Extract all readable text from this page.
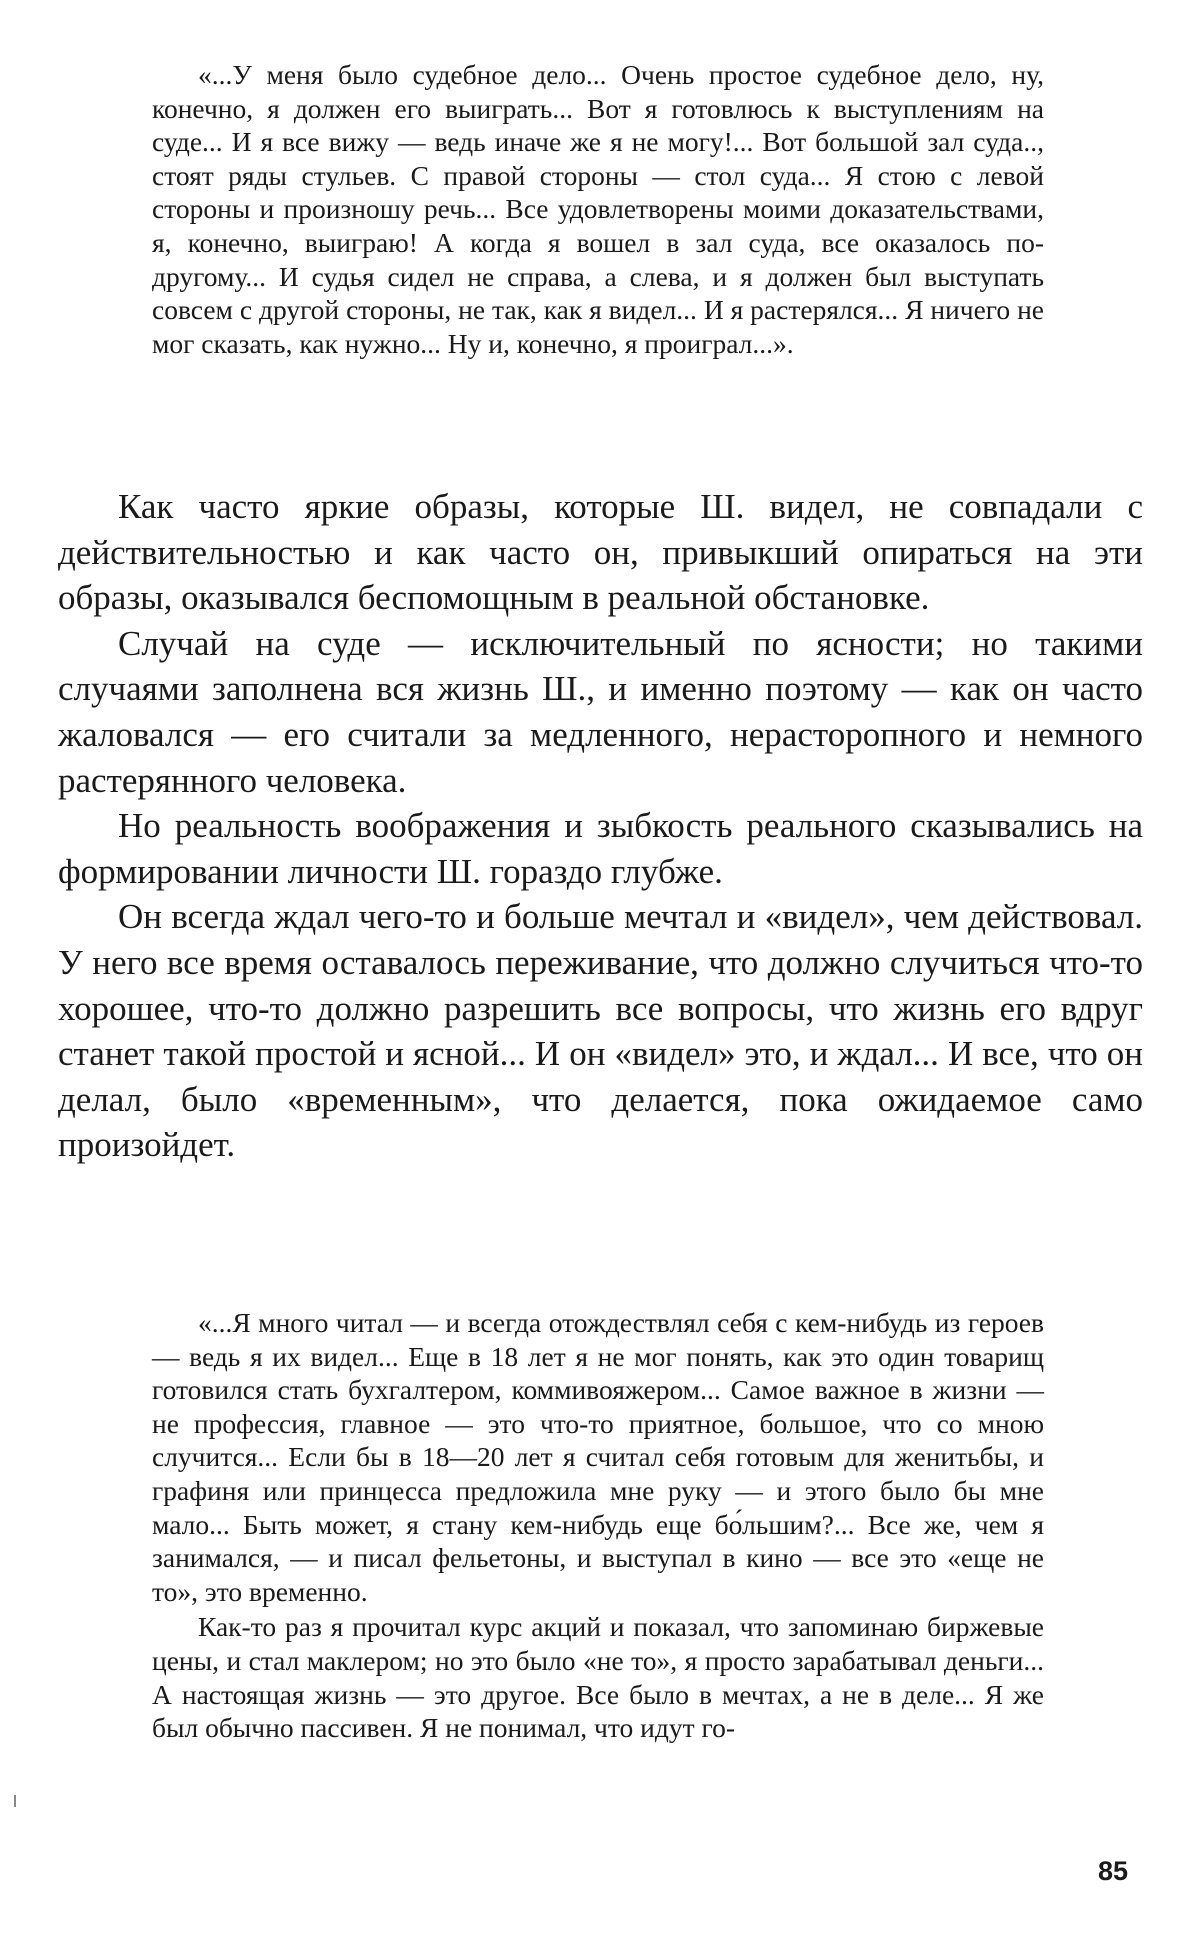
«...У меня было судебное дело... Очень простое судебное дело, ну, конечно, я должен его выиграть... Вот я готовлюсь к выступлениям на суде... И я все вижу — ведь иначе же я не могу!... Вот большой зал суда.., стоят ряды стульев. С правой стороны — стол суда... Я стою с левой стороны и произношу речь... Все удовлетворены моими доказательствами, я, конечно, выиграю! А когда я вошел в зал суда, все оказалось по-другому... И судья сидел не справа, а слева, и я должен был выступать совсем с другой стороны, не так, как я видел... И я растерялся... Я ничего не мог сказать, как нужно... Ну и, конечно, я проиграл...».

Как часто яркие образы, которые Ш. видел, не совпадали с действительностью и как часто он, привыкший опираться на эти образы, оказывался беспомощным в реальной обстановке.

Случай на суде — исключительный по ясности; но такими случаями заполнена вся жизнь Ш., и именно поэтому — как он часто жаловался — его считали за медленного, нерасторопного и немного растерянного человека.

Но реальность воображения и зыбкость реального сказывались на формировании личности Ш. гораздо глубже.

Он всегда ждал чего-то и больше мечтал и «видел», чем действовал. У него все время оставалось переживание, что должно случиться что-то хорошее, что-то должно разрешить все вопросы, что жизнь его вдруг станет такой простой и ясной... И он «видел» это, и ждал... И все, что он делал, было «временным», что делается, пока ожидаемое само произойдет.

«...Я много читал — и всегда отождествлял себя с кем-нибудь из героев — ведь я их видел... Еще в 18 лет я не мог понять, как это один товарищ готовился стать бухгалтером, коммивояжером... Самое важное в жизни — не профессия, главное — это что-то приятное, большое, что со мною случится... Если бы в 18—20 лет я считал себя готовым для женитьбы, и графиня или принцесса предложила мне руку — и этого было бы мне мало... Быть может, я стану кем-нибудь еще бо́льшим?... Все же, чем я занимался, — и писал фельетоны, и выступал в кино — все это «еще не то», это временно.

Как-то раз я прочитал курс акций и показал, что запоминаю биржевые цены, и стал маклером; но это было «не то», я просто зарабатывал деньги... А настоящая жизнь — это другое. Все было в мечтах, а не в деле... Я же был обычно пассивен. Я не понимал, что идут го-

85
